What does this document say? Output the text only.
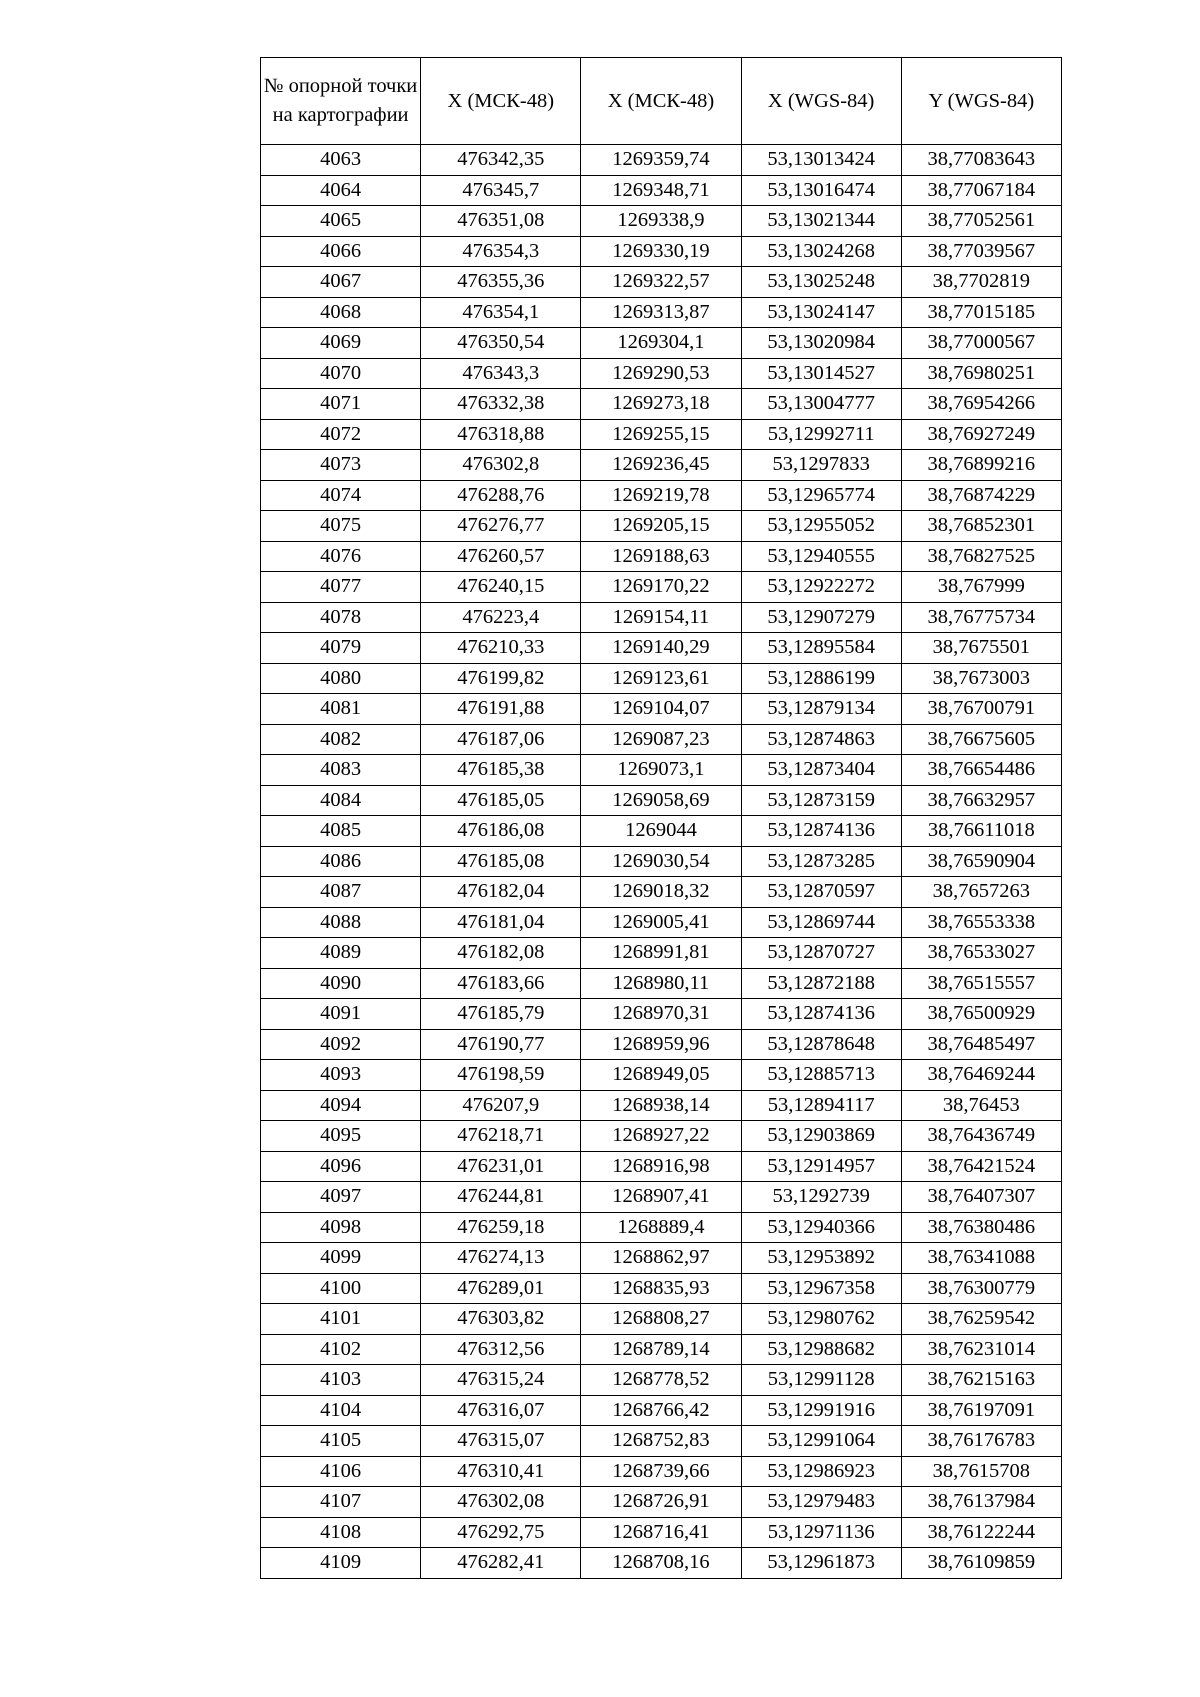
№ опорной точки на картографии	X (МСК-48)	X (МСК-48)	X (WGS-84)	Y (WGS-84)
4063	476342,35	1269359,74	53,13013424	38,77083643
4064	476345,7	1269348,71	53,13016474	38,77067184
4065	476351,08	1269338,9	53,13021344	38,77052561
4066	476354,3	1269330,19	53,13024268	38,77039567
4067	476355,36	1269322,57	53,13025248	38,7702819
4068	476354,1	1269313,87	53,13024147	38,77015185
4069	476350,54	1269304,1	53,13020984	38,77000567
4070	476343,3	1269290,53	53,13014527	38,76980251
4071	476332,38	1269273,18	53,13004777	38,76954266
4072	476318,88	1269255,15	53,12992711	38,76927249
4073	476302,8	1269236,45	53,1297833	38,76899216
4074	476288,76	1269219,78	53,12965774	38,76874229
4075	476276,77	1269205,15	53,12955052	38,76852301
4076	476260,57	1269188,63	53,12940555	38,76827525
4077	476240,15	1269170,22	53,12922272	38,767999
4078	476223,4	1269154,11	53,12907279	38,76775734
4079	476210,33	1269140,29	53,12895584	38,7675501
4080	476199,82	1269123,61	53,12886199	38,7673003
4081	476191,88	1269104,07	53,12879134	38,76700791
4082	476187,06	1269087,23	53,12874863	38,76675605
4083	476185,38	1269073,1	53,12873404	38,76654486
4084	476185,05	1269058,69	53,12873159	38,76632957
4085	476186,08	1269044	53,12874136	38,76611018
4086	476185,08	1269030,54	53,12873285	38,76590904
4087	476182,04	1269018,32	53,12870597	38,7657263
4088	476181,04	1269005,41	53,12869744	38,76553338
4089	476182,08	1268991,81	53,12870727	38,76533027
4090	476183,66	1268980,11	53,12872188	38,76515557
4091	476185,79	1268970,31	53,12874136	38,76500929
4092	476190,77	1268959,96	53,12878648	38,76485497
4093	476198,59	1268949,05	53,12885713	38,76469244
4094	476207,9	1268938,14	53,12894117	38,76453
4095	476218,71	1268927,22	53,12903869	38,76436749
4096	476231,01	1268916,98	53,12914957	38,76421524
4097	476244,81	1268907,41	53,1292739	38,76407307
4098	476259,18	1268889,4	53,12940366	38,76380486
4099	476274,13	1268862,97	53,12953892	38,76341088
4100	476289,01	1268835,93	53,12967358	38,76300779
4101	476303,82	1268808,27	53,12980762	38,76259542
4102	476312,56	1268789,14	53,12988682	38,76231014
4103	476315,24	1268778,52	53,12991128	38,76215163
4104	476316,07	1268766,42	53,12991916	38,76197091
4105	476315,07	1268752,83	53,12991064	38,76176783
4106	476310,41	1268739,66	53,12986923	38,7615708
4107	476302,08	1268726,91	53,12979483	38,76137984
4108	476292,75	1268716,41	53,12971136	38,76122244
4109	476282,41	1268708,16	53,12961873	38,76109859
